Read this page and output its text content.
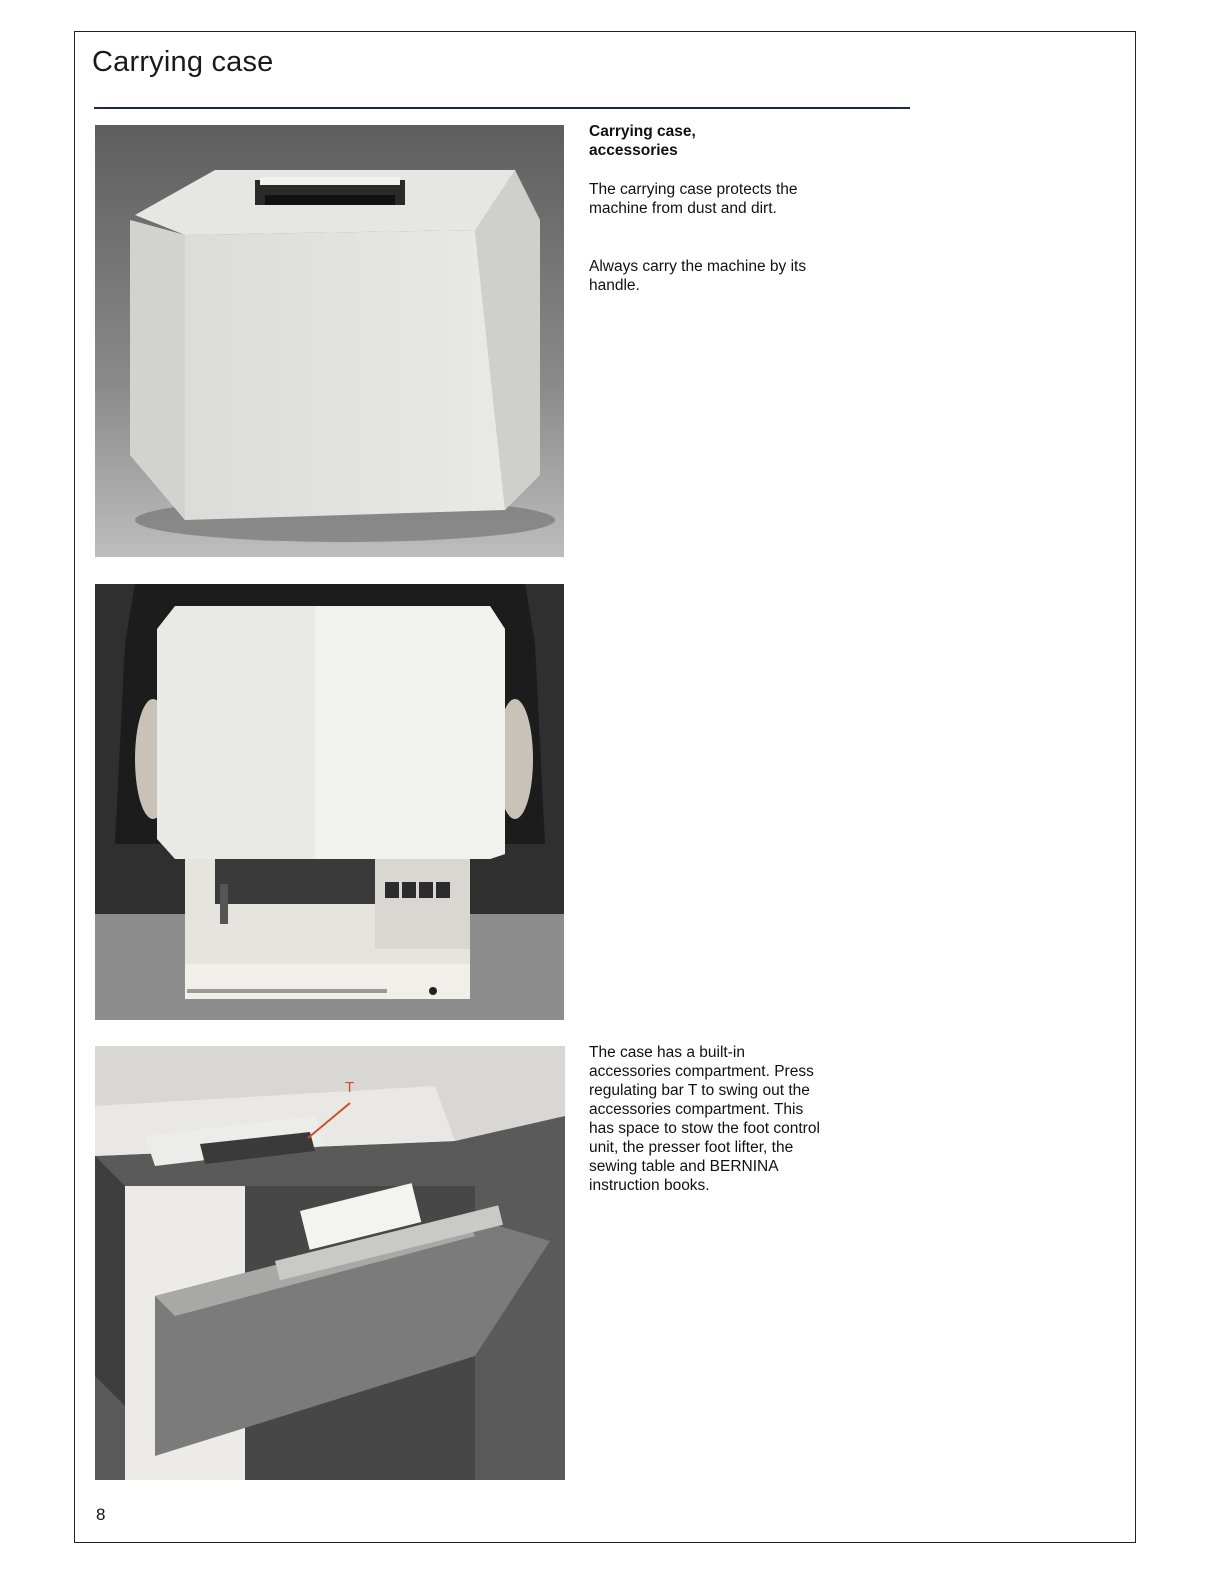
Carrying case
T
Carrying case,
accessories
The carrying case protects the machine from dust and dirt.
Always carry the machine by its handle.
The case has a built-in accessories compartment. Press regulating bar T to swing out the accessories compartment. This has space to stow the foot control unit, the presser foot lifter, the sewing table and BERNINA instruction books.
8
